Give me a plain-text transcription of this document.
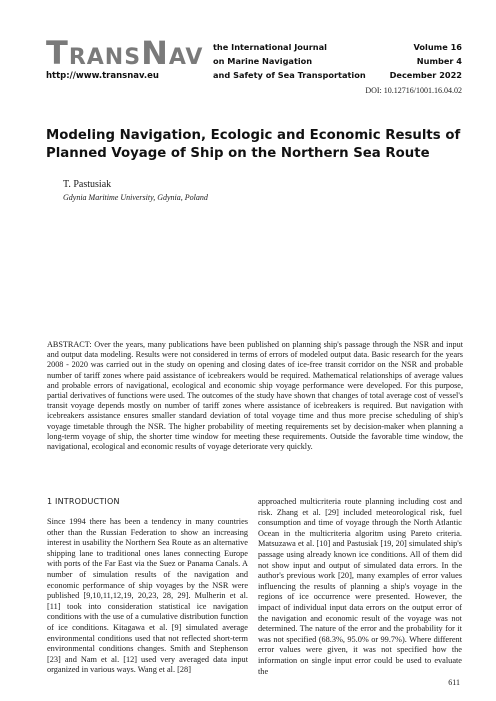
TRANSNAV
http://www.transnav.eu
the International Journal
on Marine Navigation
and Safety of Sea Transportation
Volume 16
Number 4
December 2022
DOI: 10.12716/1001.16.04.02
Modeling Navigation, Ecologic and Economic Results of Planned Voyage of Ship on the Northern Sea Route
T. Pastusiak
Gdynia Maritime University, Gdynia, Poland

ABSTRACT: Over the years, many publications have been published on planning ship's passage through the NSR and input and output data modeling. Results were not considered in terms of errors of modeled output data. Basic research for the years 2008 - 2020 was carried out in the study on opening and closing dates of ice-free transit corridor on the NSR and probable number of tariff zones where paid assistance of icebreakers would be required. Mathematical relationships of average values and probable errors of navigational, ecological and economic ship voyage performance were developed. For this purpose, partial derivatives of functions were used. The outcomes of the study have shown that changes of total average cost of vessel's transit voyage depends mostly on number of tariff zones where assistance of icebreakers is required. But navigation with icebreakers assistance ensures smaller standard deviation of total voyage time and thus more precise scheduling of ship's voyage timetable through the NSR. The higher probability of meeting requirements set by decision-maker when planning a long-term voyage of ship, the shorter time window for meeting these requirements. Outside the favorable time window, the navigational, ecological and economic results of voyage deteriorate very quickly.

1 INTRODUCTION

Since 1994 there has been a tendency in many countries other than the Russian Federation to show an increasing interest in usability the Northern Sea Route as an alternative shipping lane to traditional ones lanes connecting Europe with ports of the Far East via the Suez or Panama Canals. A number of simulation results of the navigation and economic performance of ship voyages by the NSR were published [9,10,11,12,19, 20,23, 28, 29]. Mulherin et al. [11] took into consideration statistical ice navigation conditions with the use of a cumulative distribution function of ice conditions. Kitagawa et al. [9] simulated average environmental conditions used that not reflected short-term environmental conditions changes. Smith and Stephenson [23] and Nam et al. [12] used very averaged data input organized in various ways. Wang et al. [28]

approached multicriteria route planning including cost and risk. Zhang et al. [29] included meteorological risk, fuel consumption and time of voyage through the North Atlantic Ocean in the multicriteria algoritm using Pareto criteria. Matsuzawa et al. [10] and Pastusiak [19, 20] simulated ship's passage using already known ice conditions. All of them did not show input and output of simulated data errors. In the author's previous work [20], many examples of error values influencing the results of planning a ship's voyage in the regions of ice occurrence were presented. However, the impact of individual input data errors on the output error of the navigation and economic result of the voyage was not determined. The nature of the error and the probability for it was not specified (68.3%, 95.0% or 99.7%). Where different error values were given, it was not specified how the information on single input error could be used to evaluate the

611
